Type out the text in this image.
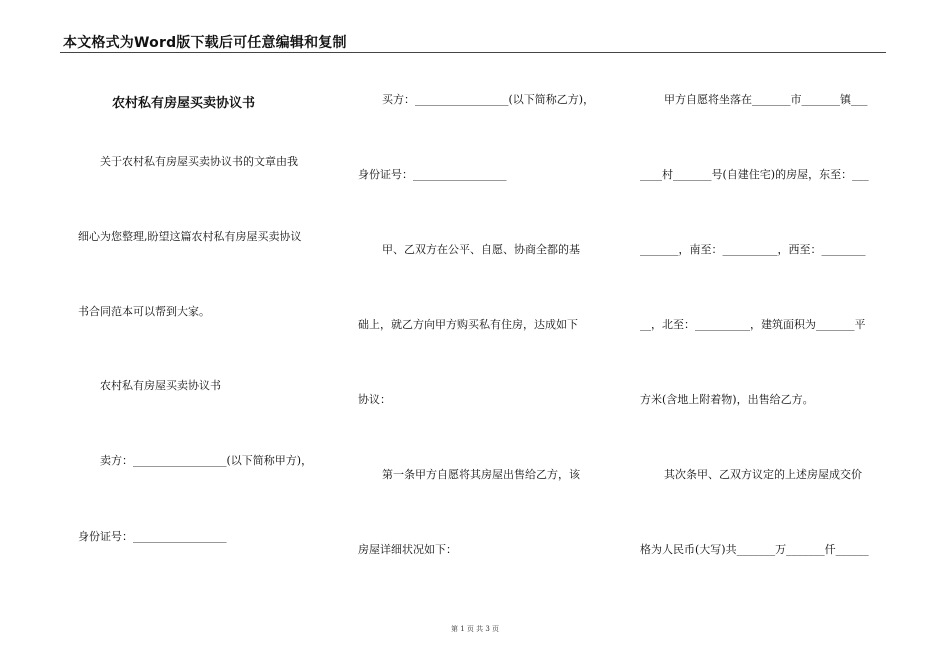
本文格式为Word版下载后可任意编辑和复制
农村私有房屋买卖协议书
关于农村私有房屋买卖协议书的文章由我
细心为您整理,盼望这篇农村私有房屋买卖协议
书合同范本可以帮到大家。
农村私有房屋买卖协议书
卖方：_________________(以下简称甲方)，
身份证号：_________________
买方：_________________(以下简称乙方)，
身份证号：_________________
甲、乙双方在公平、自愿、协商全都的基
础上，就乙方向甲方购买私有住房，达成如下
协议：
第一条甲方自愿将其房屋出售给乙方，该
房屋详细状况如下：
甲方自愿将坐落在_______市_______镇___
____村_______号(自建住宅)的房屋，东至：___
_______，南至：__________，西至：________
__，北至：__________，建筑面积为_______平
方米(含地上附着物)，出售给乙方。
其次条甲、乙双方议定的上述房屋成交价
格为人民币(大写)共_______万_______仟______
第 1 页 共 3 页
